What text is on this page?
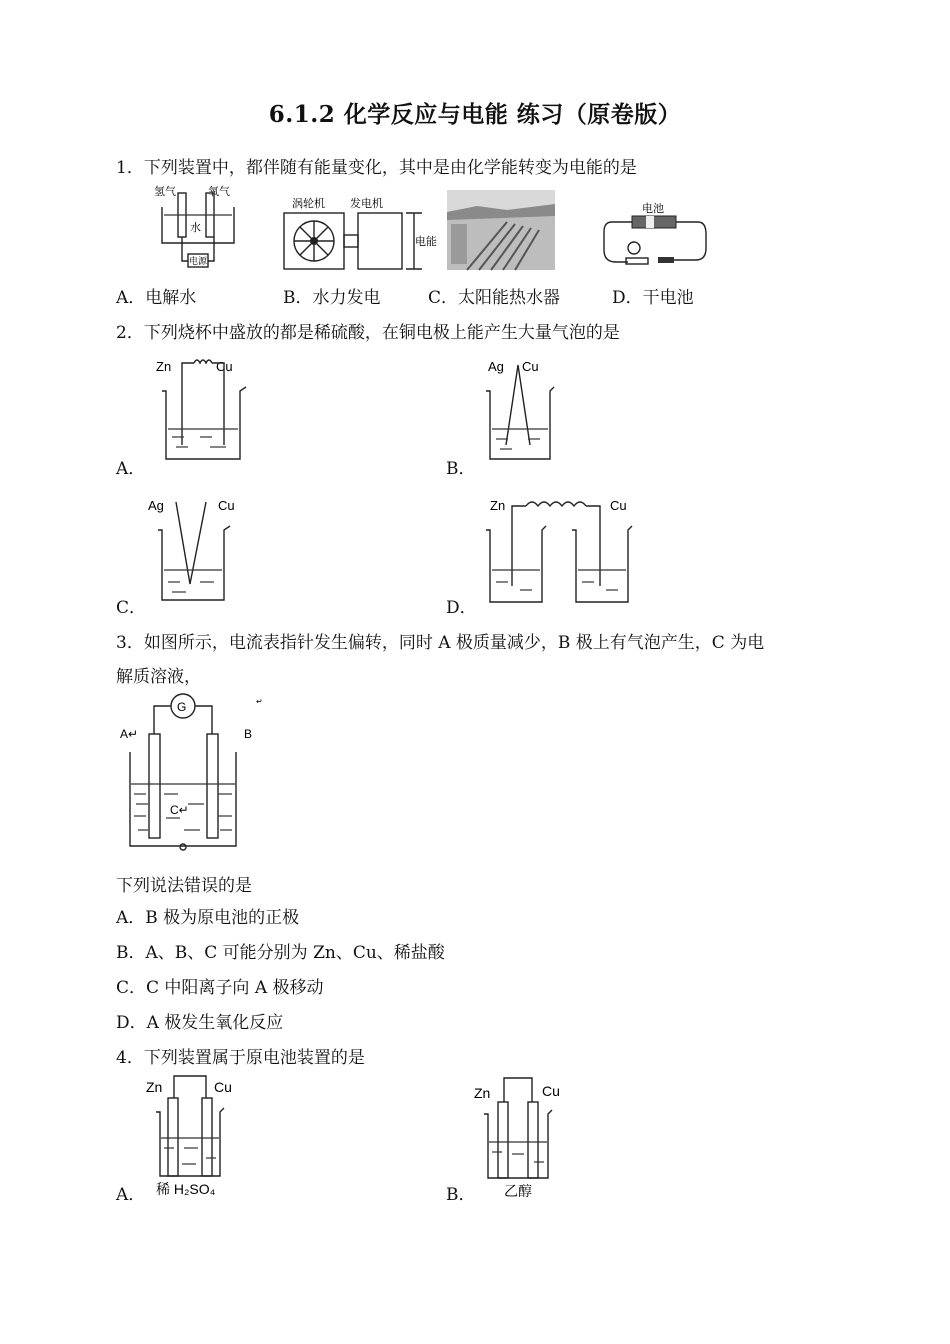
6.1.2 化学反应与电能 练习（原卷版）
1．下列装置中，都伴随有能量变化，其中是由化学能转变为电能的是
氢气	氧气
水
电源
涡轮机 发电机
电能
电池
A．电解水	B．水力发电	C．太阳能热水器	D．干电池
2．下列烧杯中盛放的都是稀硫酸，在铜电极上能产生大量气泡的是
Zn	Cu
A．
Ag Cu
B．
Ag	Cu
C．
Zn	Cu
D．
3．如图所示，电流表指针发生偏转，同时 A 极质量减少，B 极上有气泡产生，C 为电
解质溶液，
G
A↵	B
↵
C↵
下列说法错误的是
A．B 极为原电池的正极
B．A、B、C 可能分别为 Zn、Cu、稀盐酸
C．C 中阳离子向 A 极移动
D．A 极发生氧化反应
4．下列装置属于原电池装置的是
Zn	Cu
稀 H₂SO₄
A．
Zn	Cu
乙醇
B．
